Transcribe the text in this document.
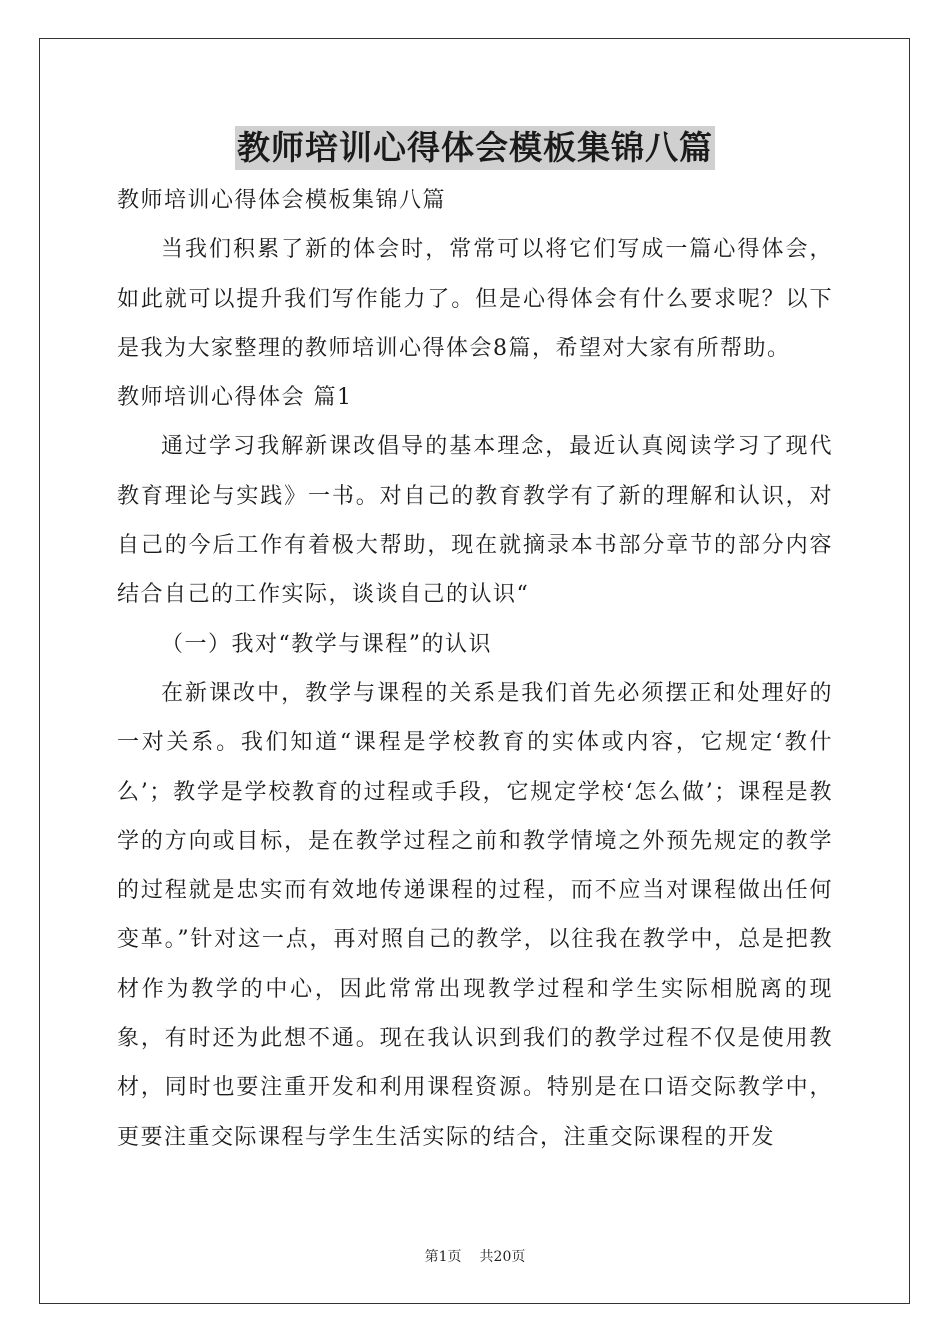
教师培训心得体会模板集锦八篇

教师培训心得体会模板集锦八篇

当我们积累了新的体会时，常常可以将它们写成一篇心得体会，如此就可以提升我们写作能力了。但是心得体会有什么要求呢？以下是我为大家整理的教师培训心得体会8篇，希望对大家有所帮助。

教师培训心得体会 篇1

通过学习我解新课改倡导的基本理念，最近认真阅读学习了现代教育理论与实践》一书。对自己的教育教学有了新的理解和认识，对自己的今后工作有着极大帮助，现在就摘录本书部分章节的部分内容结合自己的工作实际，谈谈自己的认识“

（一）我对“教学与课程”的认识

在新课改中，教学与课程的关系是我们首先必须摆正和处理好的一对关系。我们知道“课程是学校教育的实体或内容，它规定‘教什么’；教学是学校教育的过程或手段，它规定学校‘怎么做’；课程是教学的方向或目标，是在教学过程之前和教学情境之外预先规定的教学的过程就是忠实而有效地传递课程的过程，而不应当对课程做出任何变革。”针对这一点，再对照自己的教学，以往我在教学中，总是把教材作为教学的中心，因此常常出现教学过程和学生实际相脱离的现象，有时还为此想不通。现在我认识到我们的教学过程不仅是使用教材，同时也要注重开发和利用课程资源。特别是在口语交际教学中，更要注重交际课程与学生生活实际的结合，注重交际课程的开发

第1页 共20页
